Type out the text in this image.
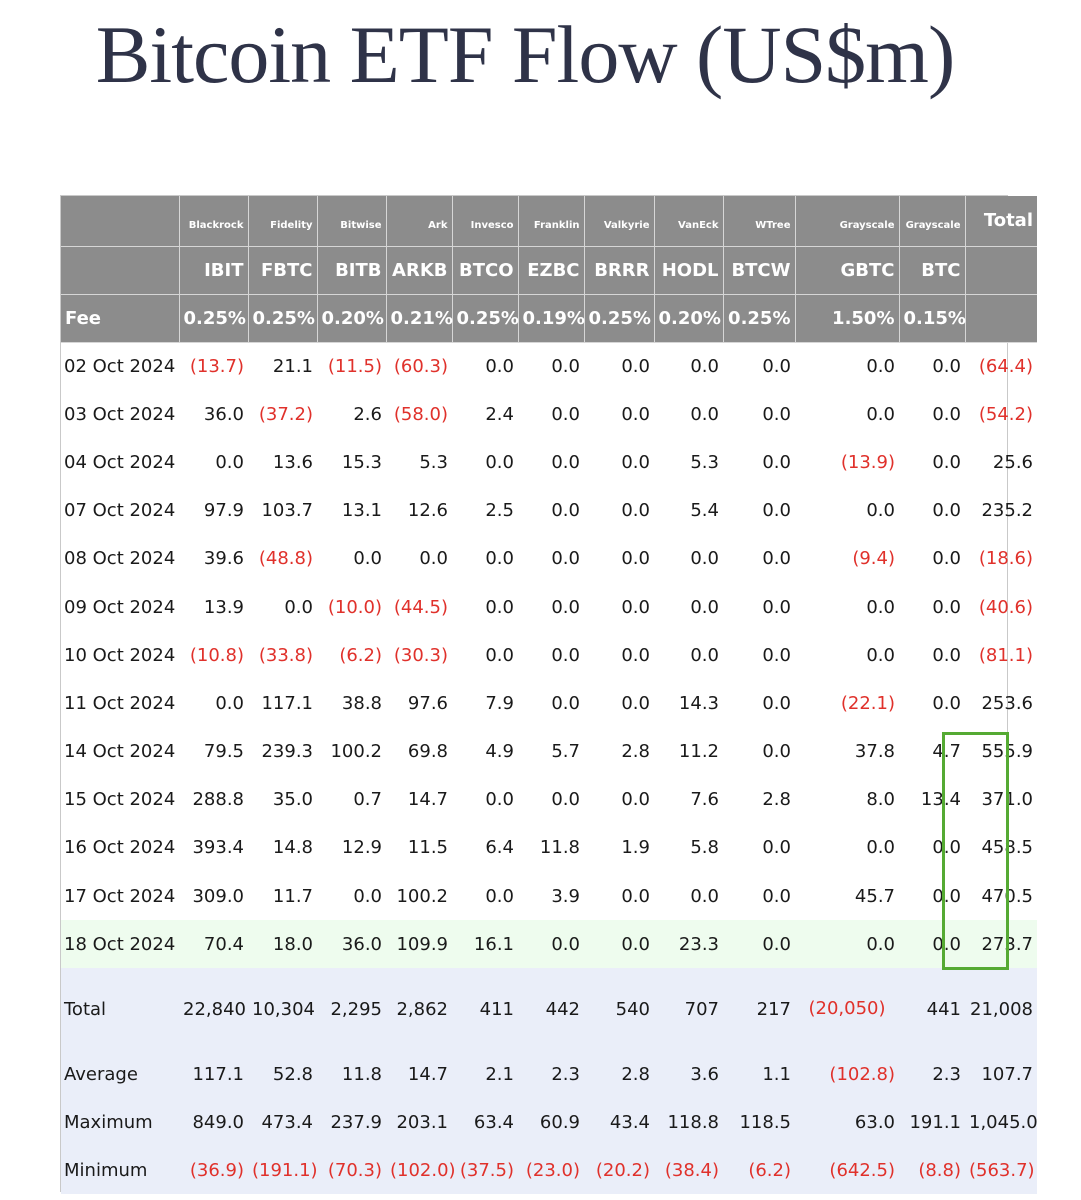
Bitcoin ETF Flow (US$m)
	Blackrock	Fidelity	Bitwise	Ark	Invesco	Franklin	Valkyrie	VanEck	WTree	Grayscale	Grayscale	Total
	IBIT	FBTC	BITB	ARKB	BTCO	EZBC	BRRR	HODL	BTCW	GBTC	BTC	
Fee	0.25%	0.25%	0.20%	0.21%	0.25%	0.19%	0.25%	0.20%	0.25%	1.50%	0.15%	
02 Oct 2024	(13.7)	21.1	(11.5)	(60.3)	0.0	0.0	0.0	0.0	0.0	0.0	0.0	(64.4)
03 Oct 2024	36.0	(37.2)	2.6	(58.0)	2.4	0.0	0.0	0.0	0.0	0.0	0.0	(54.2)
04 Oct 2024	0.0	13.6	15.3	5.3	0.0	0.0	0.0	5.3	0.0	(13.9)	0.0	25.6
07 Oct 2024	97.9	103.7	13.1	12.6	2.5	0.0	0.0	5.4	0.0	0.0	0.0	235.2
08 Oct 2024	39.6	(48.8)	0.0	0.0	0.0	0.0	0.0	0.0	0.0	(9.4)	0.0	(18.6)
09 Oct 2024	13.9	0.0	(10.0)	(44.5)	0.0	0.0	0.0	0.0	0.0	0.0	0.0	(40.6)
10 Oct 2024	(10.8)	(33.8)	(6.2)	(30.3)	0.0	0.0	0.0	0.0	0.0	0.0	0.0	(81.1)
11 Oct 2024	0.0	117.1	38.8	97.6	7.9	0.0	0.0	14.3	0.0	(22.1)	0.0	253.6
14 Oct 2024	79.5	239.3	100.2	69.8	4.9	5.7	2.8	11.2	0.0	37.8	4.7	555.9
15 Oct 2024	288.8	35.0	0.7	14.7	0.0	0.0	0.0	7.6	2.8	8.0	13.4	371.0
16 Oct 2024	393.4	14.8	12.9	11.5	6.4	11.8	1.9	5.8	0.0	0.0	0.0	458.5
17 Oct 2024	309.0	11.7	0.0	100.2	0.0	3.9	0.0	0.0	0.0	45.7	0.0	470.5
18 Oct 2024	70.4	18.0	36.0	109.9	16.1	0.0	0.0	23.3	0.0	0.0	0.0	273.7
Total	22,840	10,304	2,295	2,862	411	442	540	707	217	(20,050)	441	21,008
Average	117.1	52.8	11.8	14.7	2.1	2.3	2.8	3.6	1.1	(102.8)	2.3	107.7
Maximum	849.0	473.4	237.9	203.1	63.4	60.9	43.4	118.8	118.5	63.0	191.1	1,045.0
Minimum	(36.9)	(191.1)	(70.3)	(102.0)	(37.5)	(23.0)	(20.2)	(38.4)	(6.2)	(642.5)	(8.8)	(563.7)
